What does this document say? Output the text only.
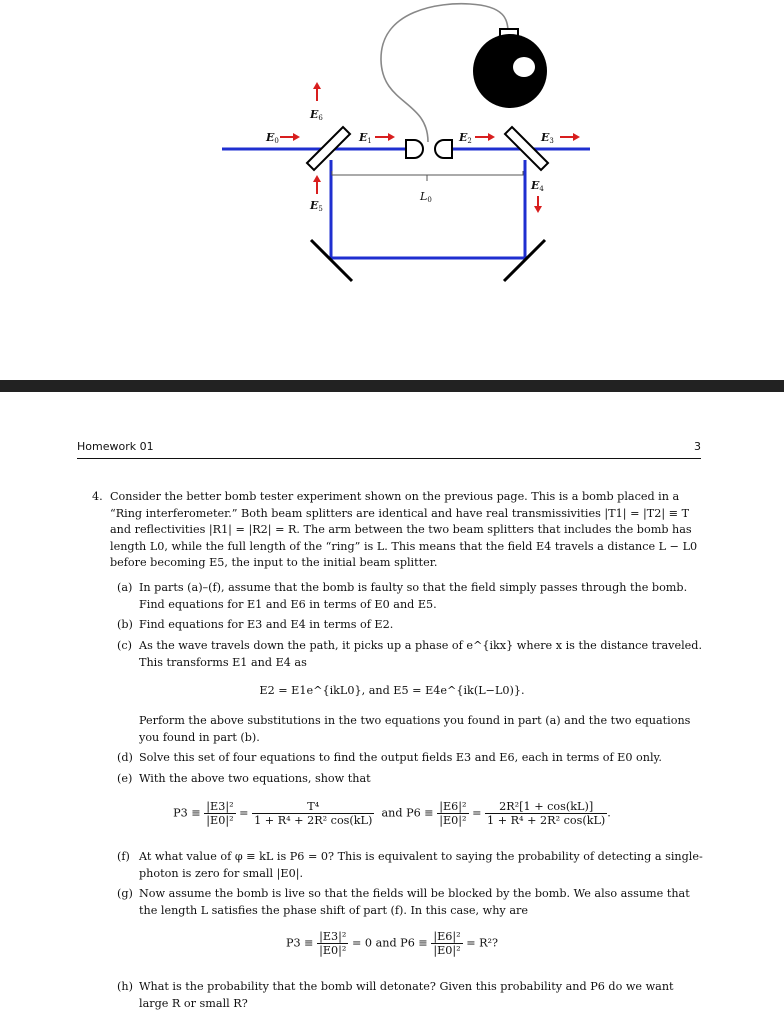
E0	E1	E2	E3
E6
E5
E4
L0
Homework 01	3
4. Consider the better bomb tester experiment shown on the previous page. This is a bomb placed in a “Ring interferometer.” Both beam splitters are identical and have real transmissivities |T1| = |T2| ≡ T and reflectivities |R1| = |R2| = R. The arm between the two beam splitters that includes the bomb has length L0, while the full length of the “ring” is L. This means that the field E4 travels a distance L − L0 before becoming E5, the input to the initial beam splitter.
(a) In parts (a)–(f), assume that the bomb is faulty so that the field simply passes through the bomb. Find equations for E1 and E6 in terms of E0 and E5.
(b) Find equations for E3 and E4 in terms of E2.
(c) As the wave travels down the path, it picks up a phase of e^{ikx} where x is the distance traveled. This transforms E1 and E4 as
E2 = E1e^{ikL0}, and E5 = E4e^{ik(L−L0)}.
Perform the above substitutions in the two equations you found in part (a) and the two equations you found in part (b).
(d) Solve this set of four equations to find the output fields E3 and E6, each in terms of E0 only.
(e) With the above two equations, show that
$P3 \equiv \frac{\text{|E3|²}}{\text{|E0|²}} = \frac{\text{T⁴}}{\text{1 + R⁴ + 2R² cos(kL)}}$ and $P6 \equiv \frac{\text{|E6|²}}{\text{|E0|²}} = \frac{\text{2R²[1 + cos(kL)]}}{\text{1 + R⁴ + 2R² cos(kL)}}$ .
(f) At what value of φ ≡ kL is P6 = 0? This is equivalent to saying the probability of detecting a single-photon is zero for small |E0|.
(g) Now assume the bomb is live so that the fields will be blocked by the bomb. We also assume that the length L satisfies the phase shift of part (f). In this case, why are
$P3 \equiv \frac{\text{|E3|²}}{\text{|E0|²}} = 0$ and $P6 \equiv \frac{\text{|E6|²}}{\text{|E0|²}} = R^2$?
(h) What is the probability that the bomb will detonate? Given this probability and P6 do we want large R or small R?
